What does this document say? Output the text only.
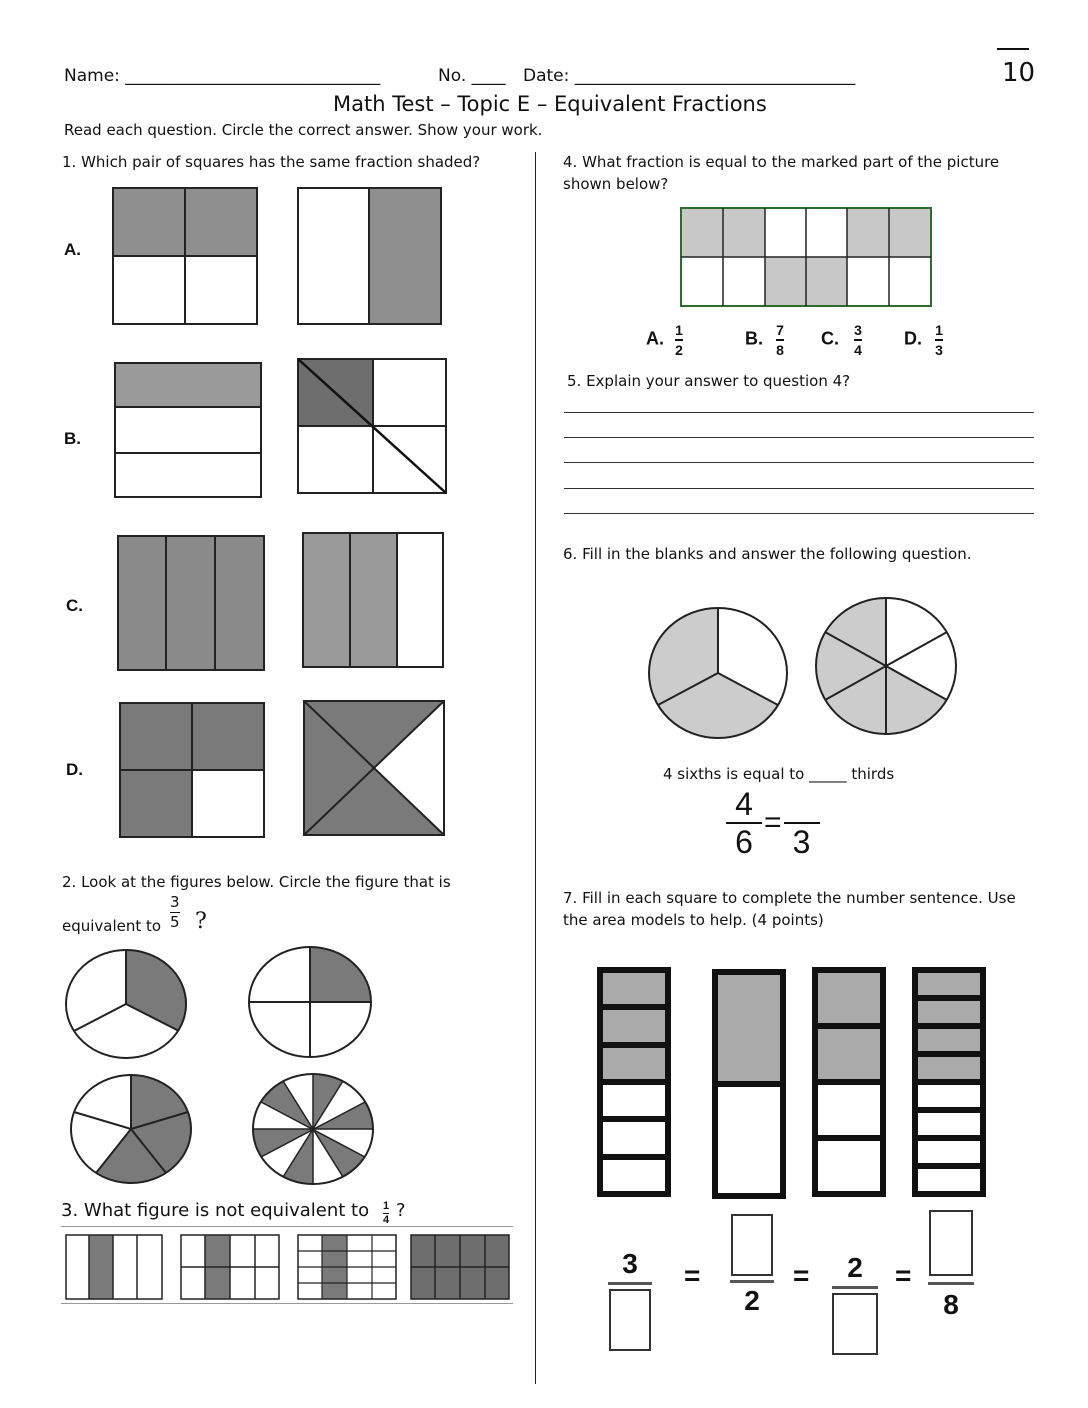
Name: ______________________________	No. ____ Date: _________________________________	10
Math Test – Topic E – Equivalent Fractions
Read each question. Circle the correct answer. Show your work.
1. Which pair of squares has the same fraction shaded?
A.
B.
C.
D.
2. Look at the figures below. Circle the figure that is
equivalent to $\frac{3}{5}$ ?
3. What figure is not equivalent to $\frac{1}{4}$ ?
4. What fraction is equal to the marked part of the picture
shown below?
A. $\frac{1}{2}$	B. $\frac{7}{8} C$. $\frac{3}{4} D$. $\frac{1}{3}$
5. Explain your answer to question 4?
6. Fill in the blanks and answer the following question.
4 sixths is equal to _____ thirds
4
6
=
3
7. Fill in each square to complete the number sentence. Use
the area models to help. (4 points)
3	=
2
=	2	=
8
